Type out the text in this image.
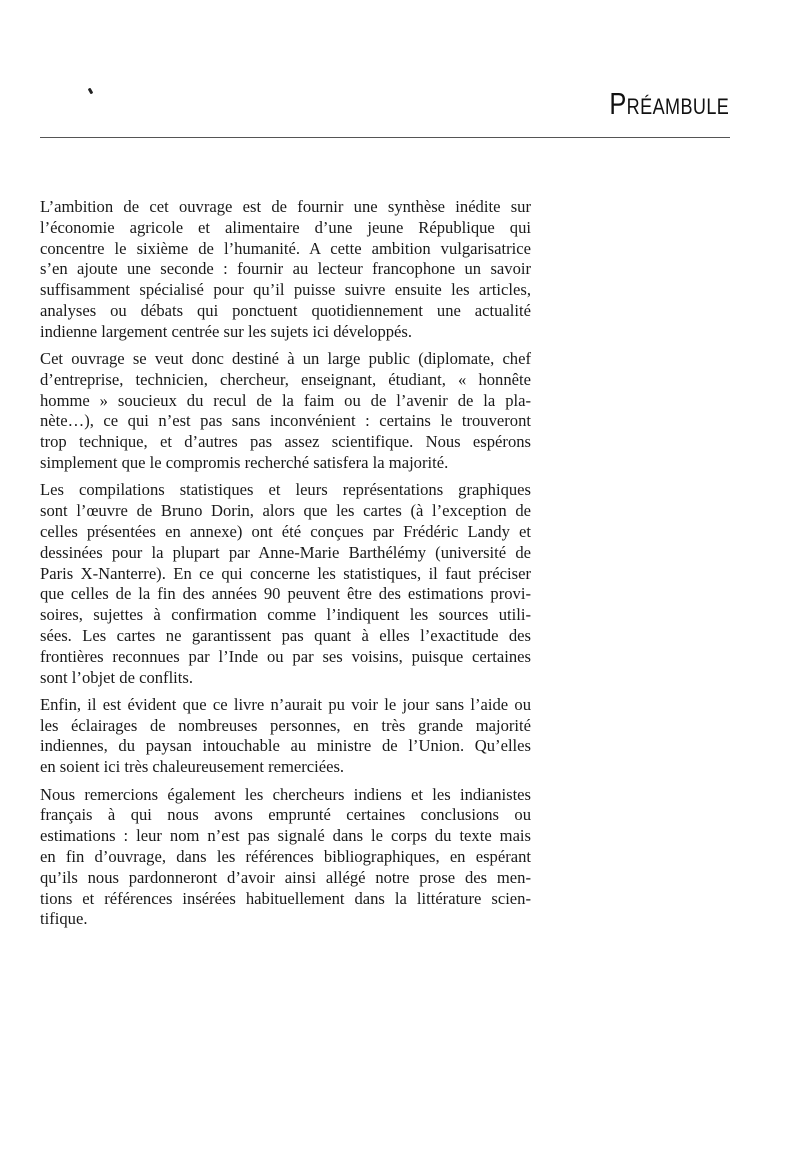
Préambule
L’ambition de cet ouvrage est de fournir une synthèse inédite sur
l’économie agricole et alimentaire d’une jeune République qui
concentre le sixième de l’humanité. A cette ambition vulgarisatrice
s’en ajoute une seconde : fournir au lecteur francophone un savoir
suffisamment spécialisé pour qu’il puisse suivre ensuite les articles,
analyses ou débats qui ponctuent quotidiennement une actualité
indienne largement centrée sur les sujets ici développés.
Cet ouvrage se veut donc destiné à un large public (diplomate, chef
d’entreprise, technicien, chercheur, enseignant, étudiant, « honnête
homme » soucieux du recul de la faim ou de l’avenir de la pla-
nète…), ce qui n’est pas sans inconvénient : certains le trouveront
trop technique, et d’autres pas assez scientifique. Nous espérons
simplement que le compromis recherché satisfera la majorité.
Les compilations statistiques et leurs représentations graphiques
sont l’œuvre de Bruno Dorin, alors que les cartes (à l’exception de
celles présentées en annexe) ont été conçues par Frédéric Landy et
dessinées pour la plupart par Anne-Marie Barthélémy (université de
Paris X-Nanterre). En ce qui concerne les statistiques, il faut préciser
que celles de la fin des années 90 peuvent être des estimations provi-
soires, sujettes à confirmation comme l’indiquent les sources utili-
sées. Les cartes ne garantissent pas quant à elles l’exactitude des
frontières reconnues par l’Inde ou par ses voisins, puisque certaines
sont l’objet de conflits.
Enfin, il est évident que ce livre n’aurait pu voir le jour sans l’aide ou
les éclairages de nombreuses personnes, en très grande majorité
indiennes, du paysan intouchable au ministre de l’Union. Qu’elles
en soient ici très chaleureusement remerciées.
Nous remercions également les chercheurs indiens et les indianistes
français à qui nous avons emprunté certaines conclusions ou
estimations : leur nom n’est pas signalé dans le corps du texte mais
en fin d’ouvrage, dans les références bibliographiques, en espérant
qu’ils nous pardonneront d’avoir ainsi allégé notre prose des men-
tions et références insérées habituellement dans la littérature scien-
tifique.
